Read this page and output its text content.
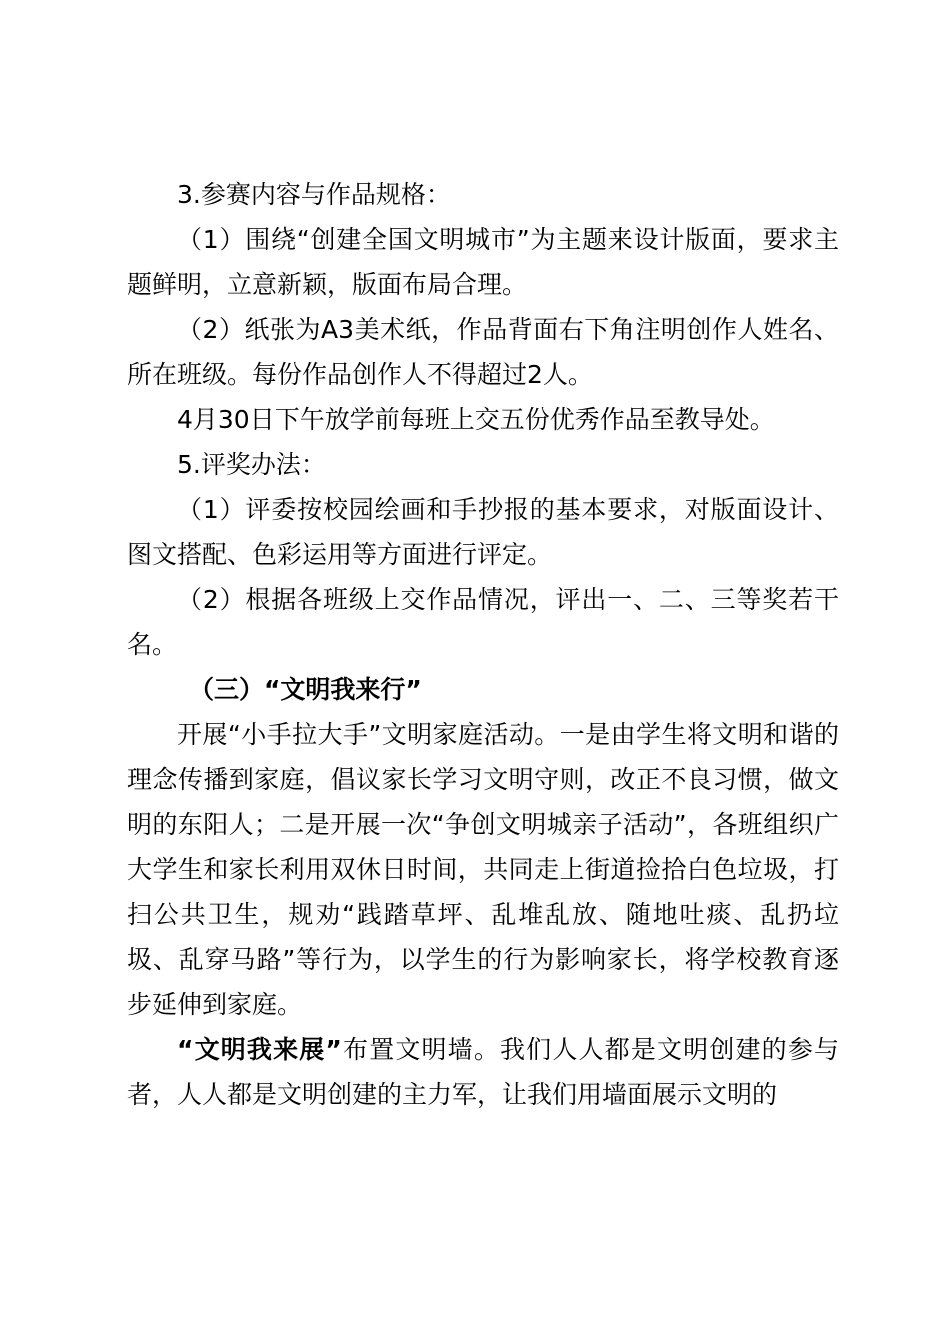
3.参赛内容与作品规格：

（1）围绕“创建全国文明城市”为主题来设计版面，要求主题鲜明，立意新颖，版面布局合理。

（2）纸张为A3美术纸，作品背面右下角注明创作人姓名、所在班级。每份作品创作人不得超过2人。

4月30日下午放学前每班上交五份优秀作品至教导处。

5.评奖办法：

（1）评委按校园绘画和手抄报的基本要求，对版面设计、图文搭配、色彩运用等方面进行评定。

（2）根据各班级上交作品情况，评出一、二、三等奖若干名。

（三）“文明我来行”

开展“小手拉大手”文明家庭活动。一是由学生将文明和谐的理念传播到家庭，倡议家长学习文明守则，改正不良习惯，做文明的东阳人；二是开展一次“争创文明城亲子活动”，各班组织广大学生和家长利用双休日时间，共同走上街道捡拾白色垃圾，打扫公共卫生，规劝“践踏草坪、乱堆乱放、随地吐痰、乱扔垃圾、乱穿马路”等行为，以学生的行为影响家长，将学校教育逐步延伸到家庭。

“文明我来展”布置文明墙。我们人人都是文明创建的参与者，人人都是文明创建的主力军，让我们用墙面展示文明的
